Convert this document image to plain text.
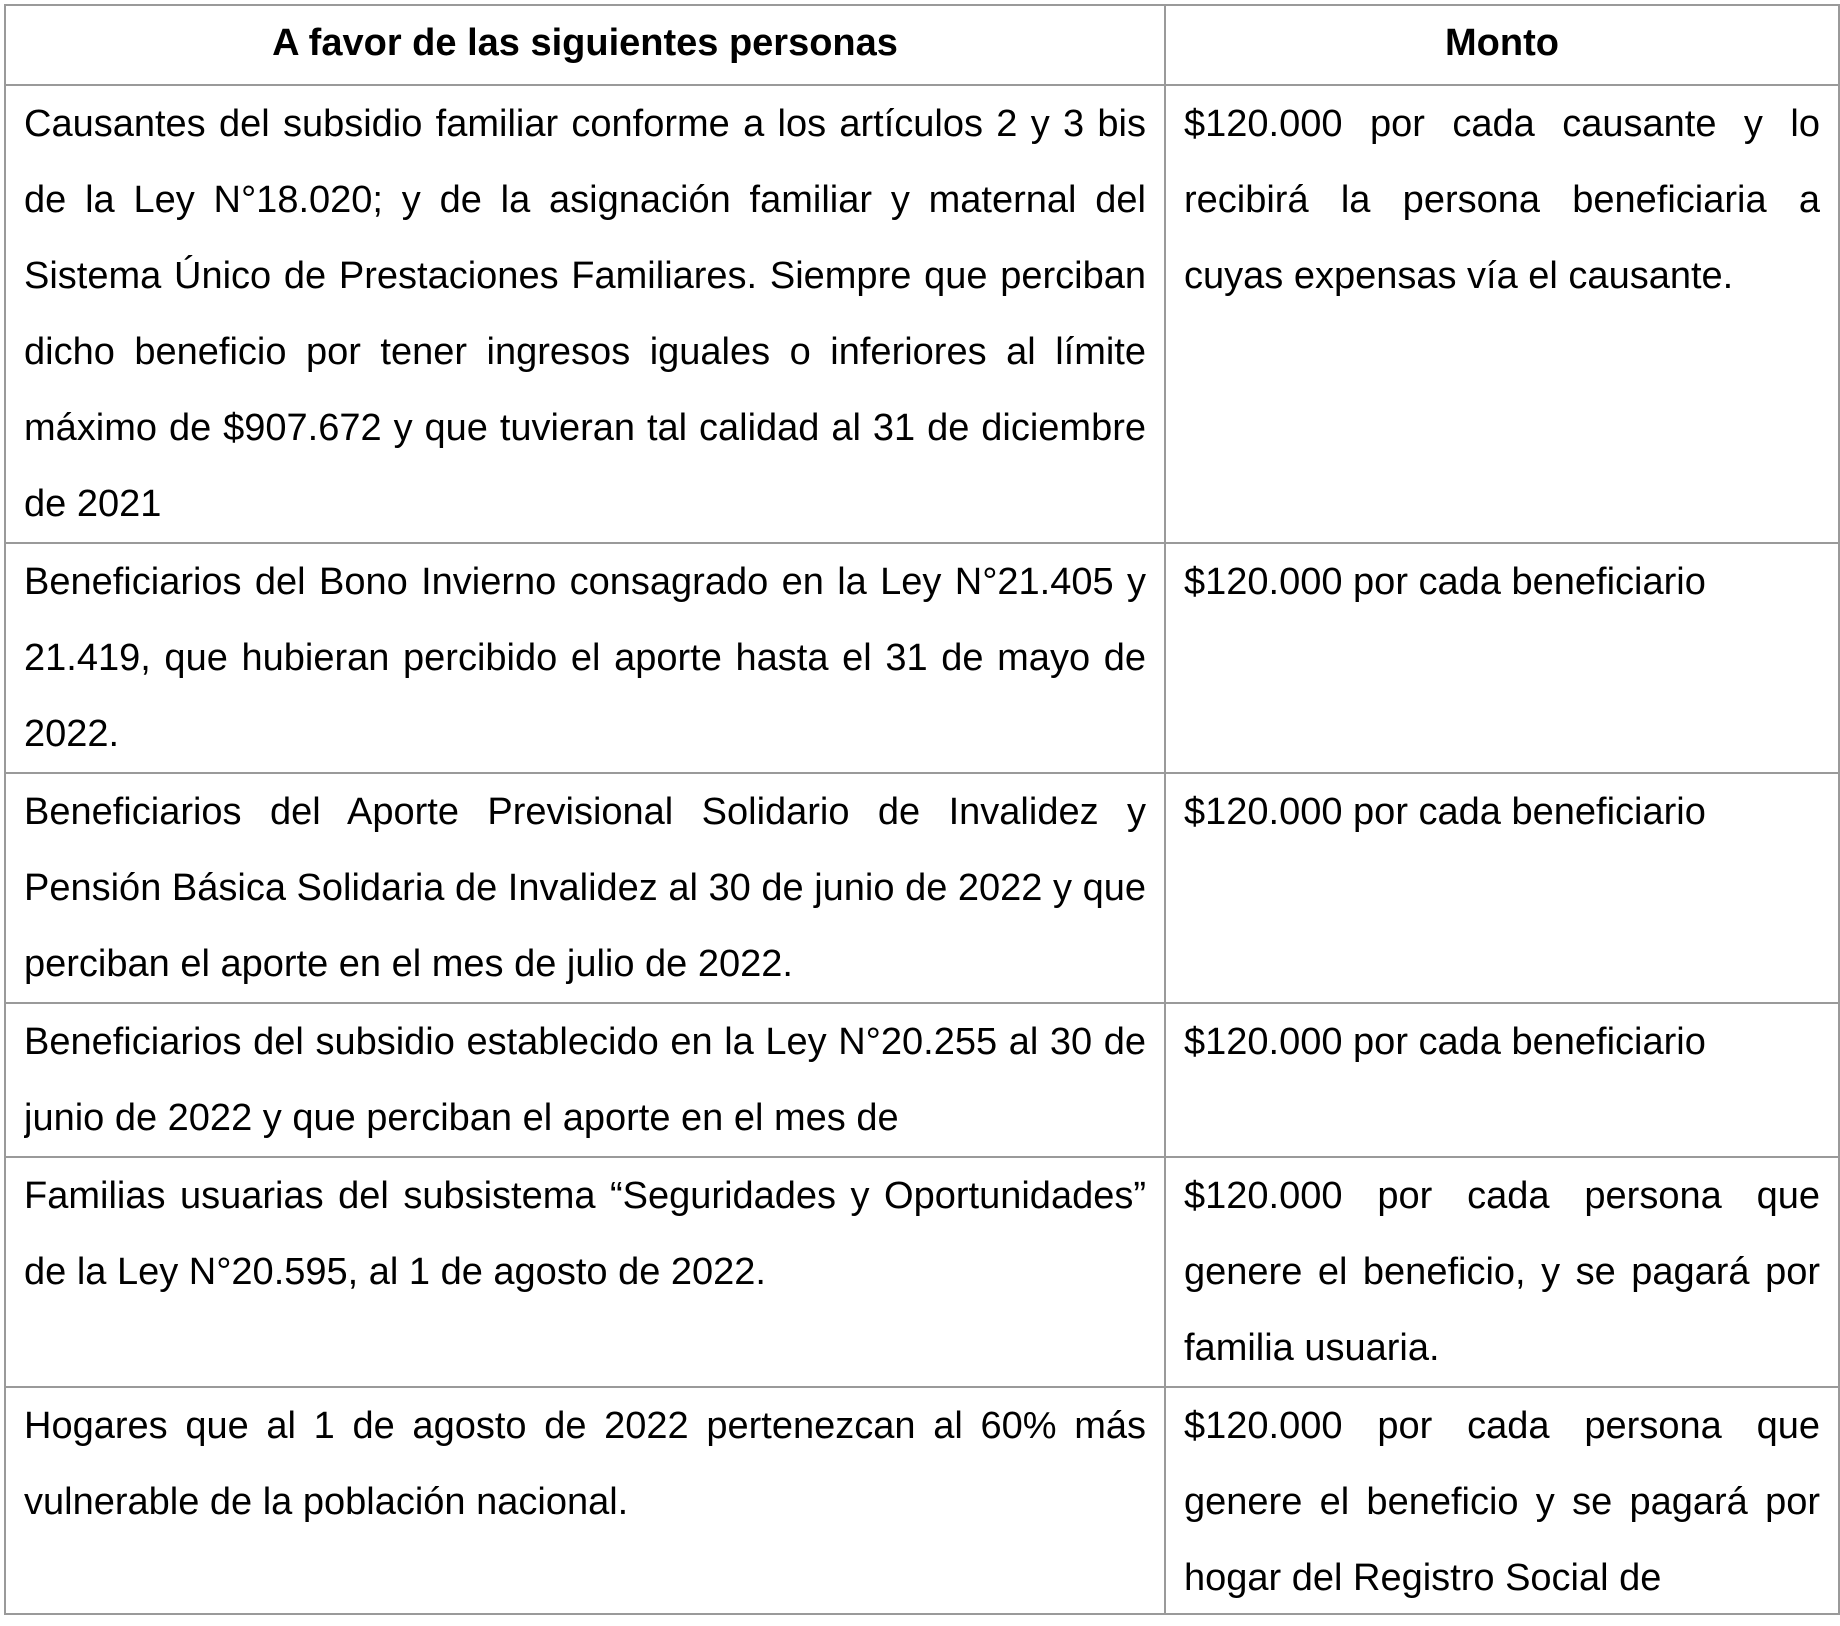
A favor de las siguientes personas	Monto

Causantes del subsidio familiar conforme a los artículos 2 y 3 bis de la Ley N°18.020; y de la asignación familiar y maternal del Sistema Único de Prestaciones Familiares. Siempre que perciban dicho beneficio por tener ingresos iguales o inferiores al límite máximo de $907.672 y que tuvieran tal calidad al 31 de diciembre de 2021	$120.000 por cada causante y lo recibirá la persona beneficiaria a cuyas expensas vía el causante.

Beneficiarios del Bono Invierno consagrado en la Ley N°21.405 y 21.419, que hubieran percibido el aporte hasta el 31 de mayo de 2022.	$120.000 por cada beneficiario

Beneficiarios del Aporte Previsional Solidario de Invalidez y Pensión Básica Solidaria de Invalidez al 30 de junio de 2022 y que perciban el aporte en el mes de julio de 2022.	$120.000 por cada beneficiario

Beneficiarios del subsidio establecido en la Ley N°20.255 al 30 de junio de 2022 y que perciban el aporte en el mes de	$120.000 por cada beneficiario

Familias usuarias del subsistema “Seguridades y Oportunidades” de la Ley N°20.595, al 1 de agosto de 2022.	$120.000 por cada persona que genere el beneficio, y se pagará por familia usuaria.

Hogares que al 1 de agosto de 2022 pertenezcan al 60% más vulnerable de la población nacional.	$120.000 por cada persona que genere el beneficio y se pagará por hogar del Registro Social de
